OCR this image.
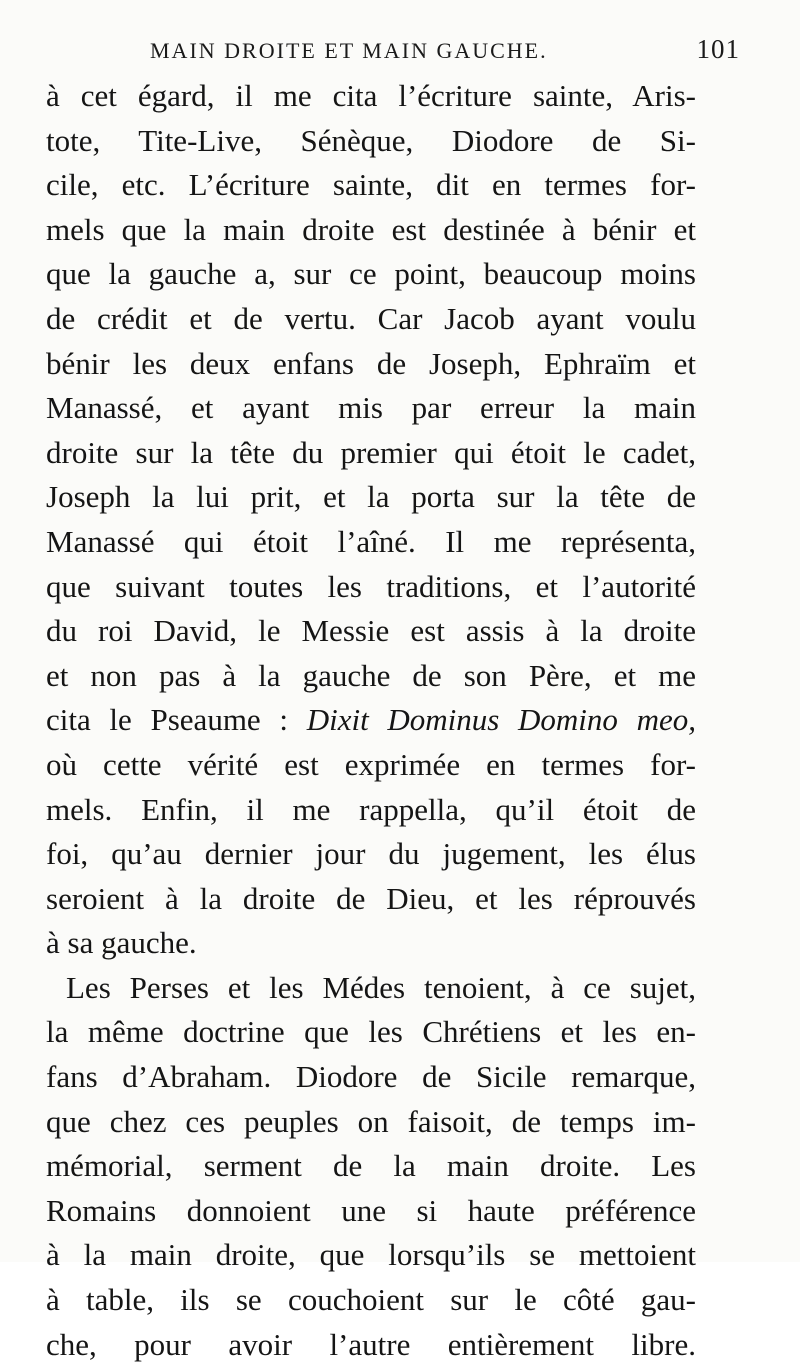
MAIN DROITE ET MAIN GAUCHE.	101
à cet égard, il me cita l’écriture sainte, Aris-
tote, Tite-Live, Sénèque, Diodore de Si-
cile, etc. L’écriture sainte, dit en termes for-
mels que la main droite est destinée à bénir et
que la gauche a, sur ce point, beaucoup moins
de crédit et de vertu. Car Jacob ayant voulu
bénir les deux enfans de Joseph, Ephraïm et
Manassé, et ayant mis par erreur la main
droite sur la tête du premier qui étoit le cadet,
Joseph la lui prit, et la porta sur la tête de
Manassé qui étoit l’aîné. Il me représenta,
que suivant toutes les traditions, et l’autorité
du roi David, le Messie est assis à la droite
et non pas à la gauche de son Père, et me
cita le Pseaume : Dixit Dominus Domino meo,
où cette vérité est exprimée en termes for-
mels. Enfin, il me rappella, qu’il étoit de
foi, qu’au dernier jour du jugement, les élus
seroient à la droite de Dieu, et les réprouvés
à sa gauche.
Les Perses et les Médes tenoient, à ce sujet,
la même doctrine que les Chrétiens et les en-
fans d’Abraham. Diodore de Sicile remarque,
que chez ces peuples on faisoit, de temps im-
mémorial, serment de la main droite. Les
Romains donnoient une si haute préférence
à la main droite, que lorsqu’ils se mettoient
à table, ils se couchoient sur le côté gau-
che, pour avoir l’autre entièrement libre.
